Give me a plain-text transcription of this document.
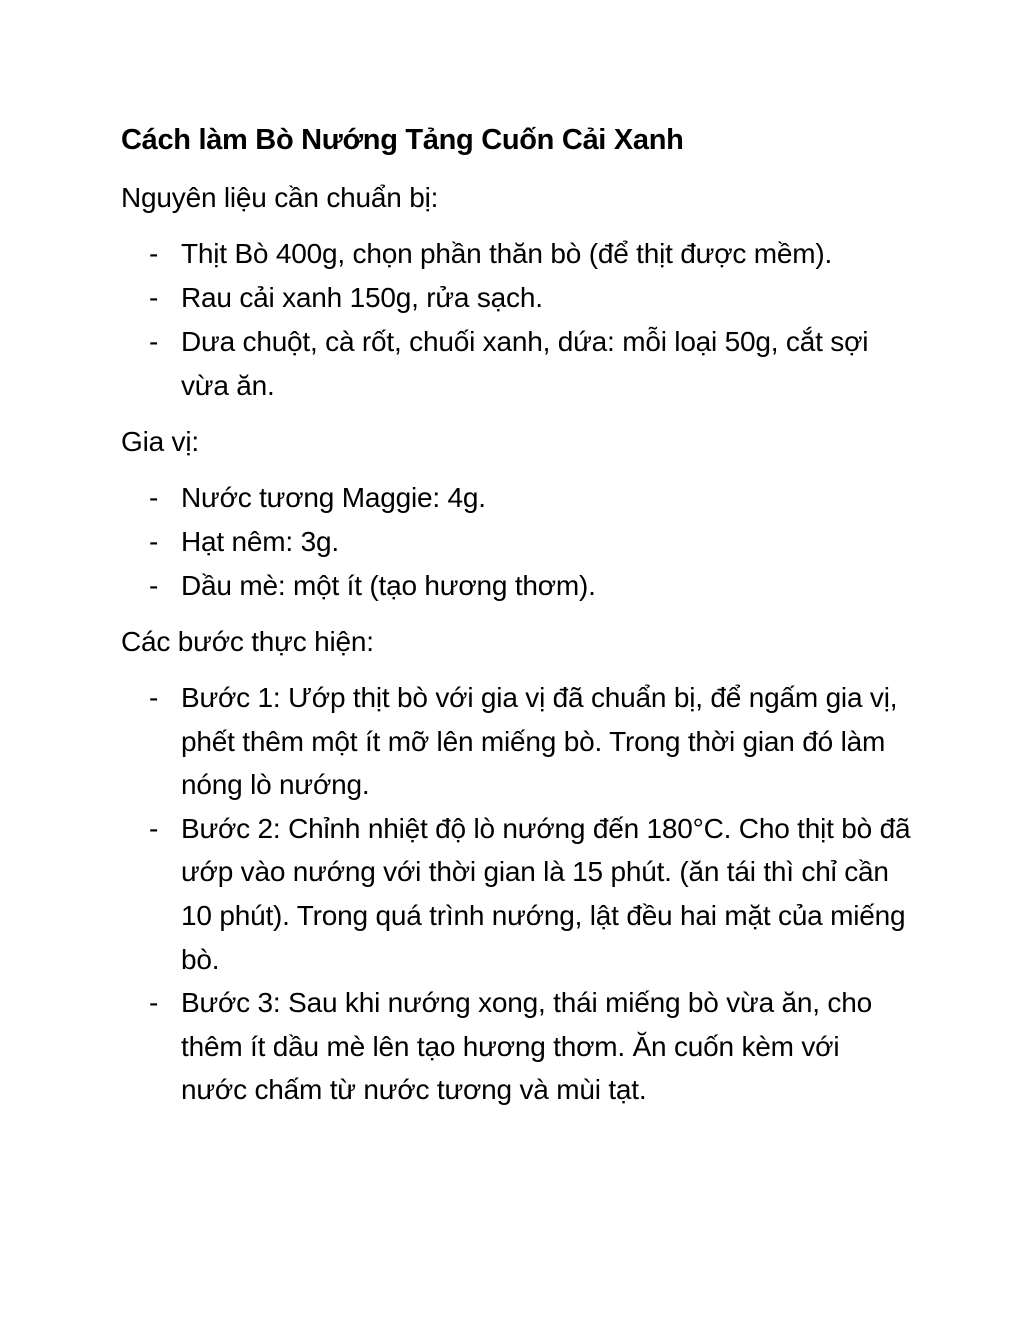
Cách làm Bò Nướng Tảng Cuốn Cải Xanh
Nguyên liệu cần chuẩn bị:
- Thịt Bò 400g, chọn phần thăn bò (để thịt được mềm).
- Rau cải xanh 150g, rửa sạch.
- Dưa chuột, cà rốt, chuối xanh, dứa: mỗi loại 50g, cắt sợi vừa ăn.
Gia vị:
- Nước tương Maggie: 4g.
- Hạt nêm: 3g.
- Dầu mè: một ít (tạo hương thơm).
Các bước thực hiện:
- Bước 1: Ướp thịt bò với gia vị đã chuẩn bị, để ngấm gia vị, phết thêm một ít mỡ lên miếng bò. Trong thời gian đó làm nóng lò nướng.
- Bước 2: Chỉnh nhiệt độ lò nướng đến 180°C. Cho thịt bò đã ướp vào nướng với thời gian là 15 phút. (ăn tái thì chỉ cần 10 phút). Trong quá trình nướng, lật đều hai mặt của miếng bò.
- Bước 3: Sau khi nướng xong, thái miếng bò vừa ăn, cho thêm ít dầu mè lên tạo hương thơm. Ăn cuốn kèm với nước chấm từ nước tương và mùi tạt.
